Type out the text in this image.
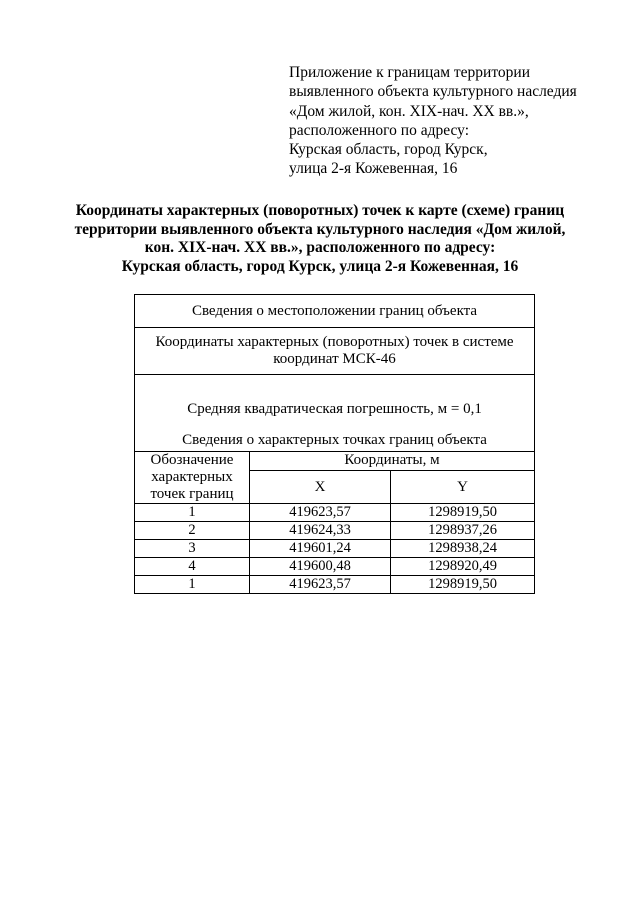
Приложение к границам территории
выявленного объекта культурного наследия
«Дом жилой, кон. XIX-нач. XX вв.»,
расположенного по адресу:
Курская область, город Курск,
улица 2-я Кожевенная, 16
Координаты характерных (поворотных) точек к карте (схеме) границ
территории выявленного объекта культурного наследия «Дом жилой,
кон. XIX-нач. XX вв.», расположенного по адресу:
Курская область, город Курск, улица 2-я Кожевенная, 16
Сведения о местоположении границ объекта		

Координаты характерных (поворотных) точек в системе
координат МСК-46		

Средняя квадратическая погрешность, м = 0,1
Сведения о характерных точках границ объекта		

Обозначение
характерных
точек границ	Координаты, м	
	X	Y
1	419623,57	1298919,50
2	419624,33	1298937,26
3	419601,24	1298938,24
4	419600,48	1298920,49
1	419623,57	1298919,50
